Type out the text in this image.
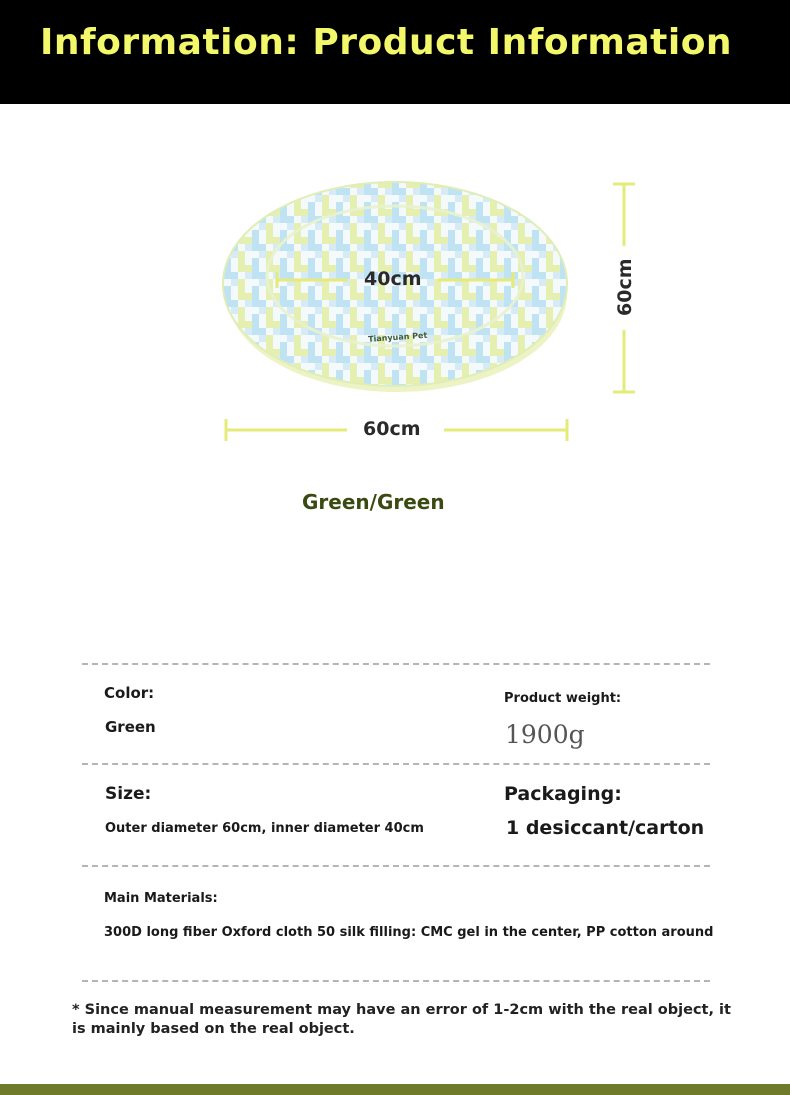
Information: Product Information
Tianyuan Pet
40cm
60cm
60cm
Green/Green
Color:
Green
Product weight:
1900g
Size:
Outer diameter 60cm, inner diameter 40cm
Packaging:
1 desiccant/carton
Main Materials:
300D long fiber Oxford cloth 50 silk filling: CMC gel in the center, PP cotton around
* Since manual measurement may have an error of 1-2cm with the real object, it is mainly based on the real object.
